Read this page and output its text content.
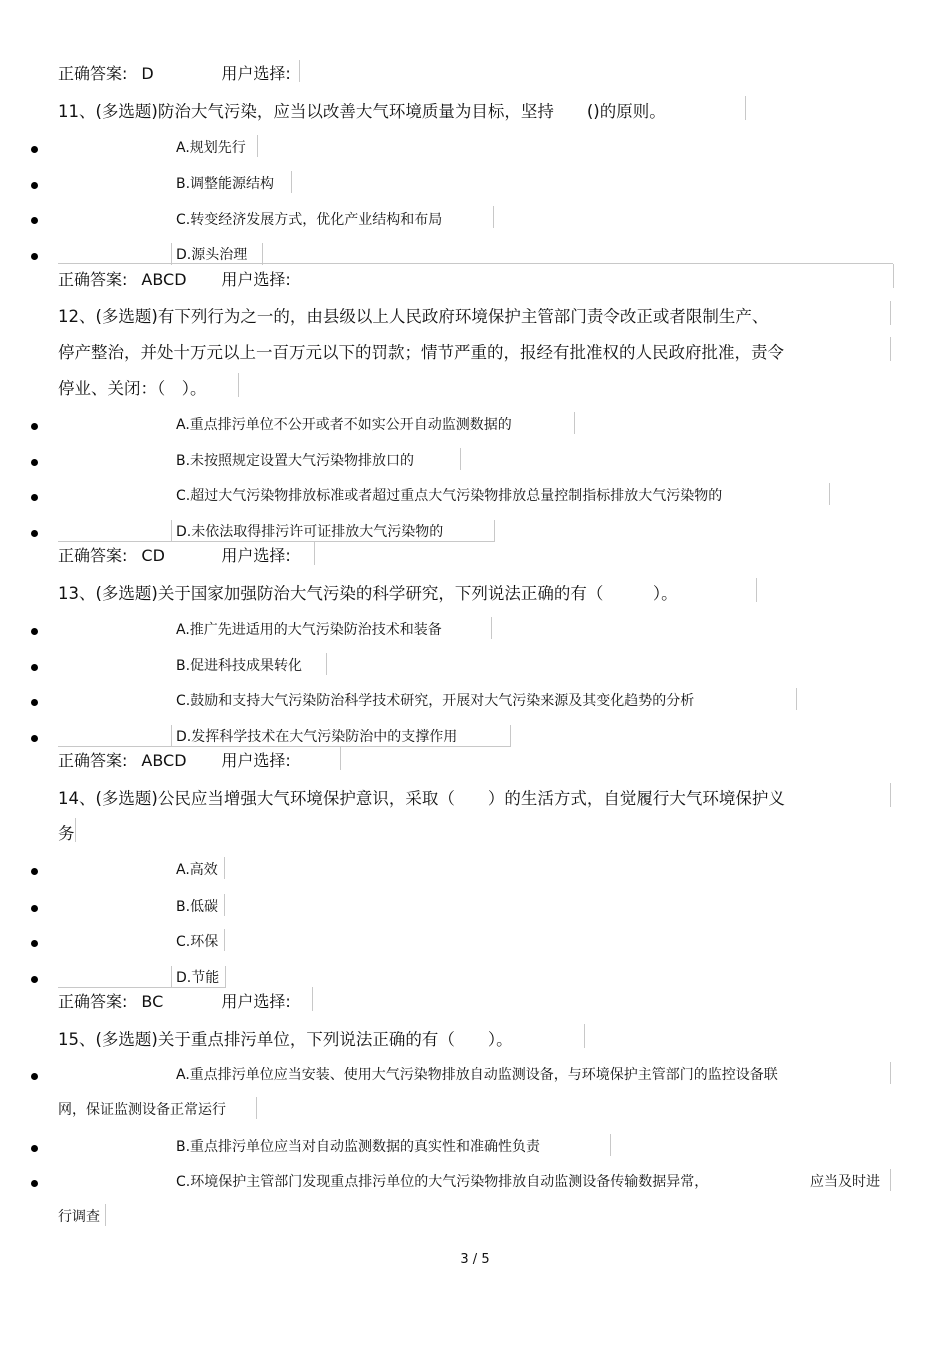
正确答案: D	用户选择:
11、(多选题)防治大气污染，应当以改善大气环境质量为目标，坚持　　()的原则。
A.规划先行
B.调整能源结构
C.转变经济发展方式，优化产业结构和布局
D.源头治理
正确答案: ABCD 用户选择:
12、(多选题)有下列行为之一的，由县级以上人民政府环境保护主管部门责令改正或者限制生产、
停产整治，并处十万元以上一百万元以下的罚款；情节严重的，报经有批准权的人民政府批准，责令
停业、关闭：（　）。
A.重点排污单位不公开或者不如实公开自动监测数据的
B.未按照规定设置大气污染物排放口的
C.超过大气污染物排放标准或者超过重点大气污染物排放总量控制指标排放大气污染物的
D.未依法取得排污许可证排放大气污染物的
正确答案: CD	用户选择:
13、(多选题)关于国家加强防治大气污染的科学研究，下列说法正确的有（　　　）。
A.推广先进适用的大气污染防治技术和装备
B.促进科技成果转化
C.鼓励和支持大气污染防治科学技术研究，开展对大气污染来源及其变化趋势的分析
D.发挥科学技术在大气污染防治中的支撑作用
正确答案: ABCD 用户选择:
14、(多选题)公民应当增强大气环境保护意识，采取（　　）的生活方式，自觉履行大气环境保护义
务
A.高效
B.低碳
C.环保
D.节能
正确答案: BC	用户选择:
15、(多选题)关于重点排污单位，下列说法正确的有（　　）。
A.重点排污单位应当安装、使用大气污染物排放自动监测设备，与环境保护主管部门的监控设备联
网，保证监测设备正常运行
B.重点排污单位应当对自动监测数据的真实性和准确性负责
C.环境保护主管部门发现重点排污单位的大气污染物排放自动监测设备传输数据异常，	应当及时进
行调查
3 / 5
